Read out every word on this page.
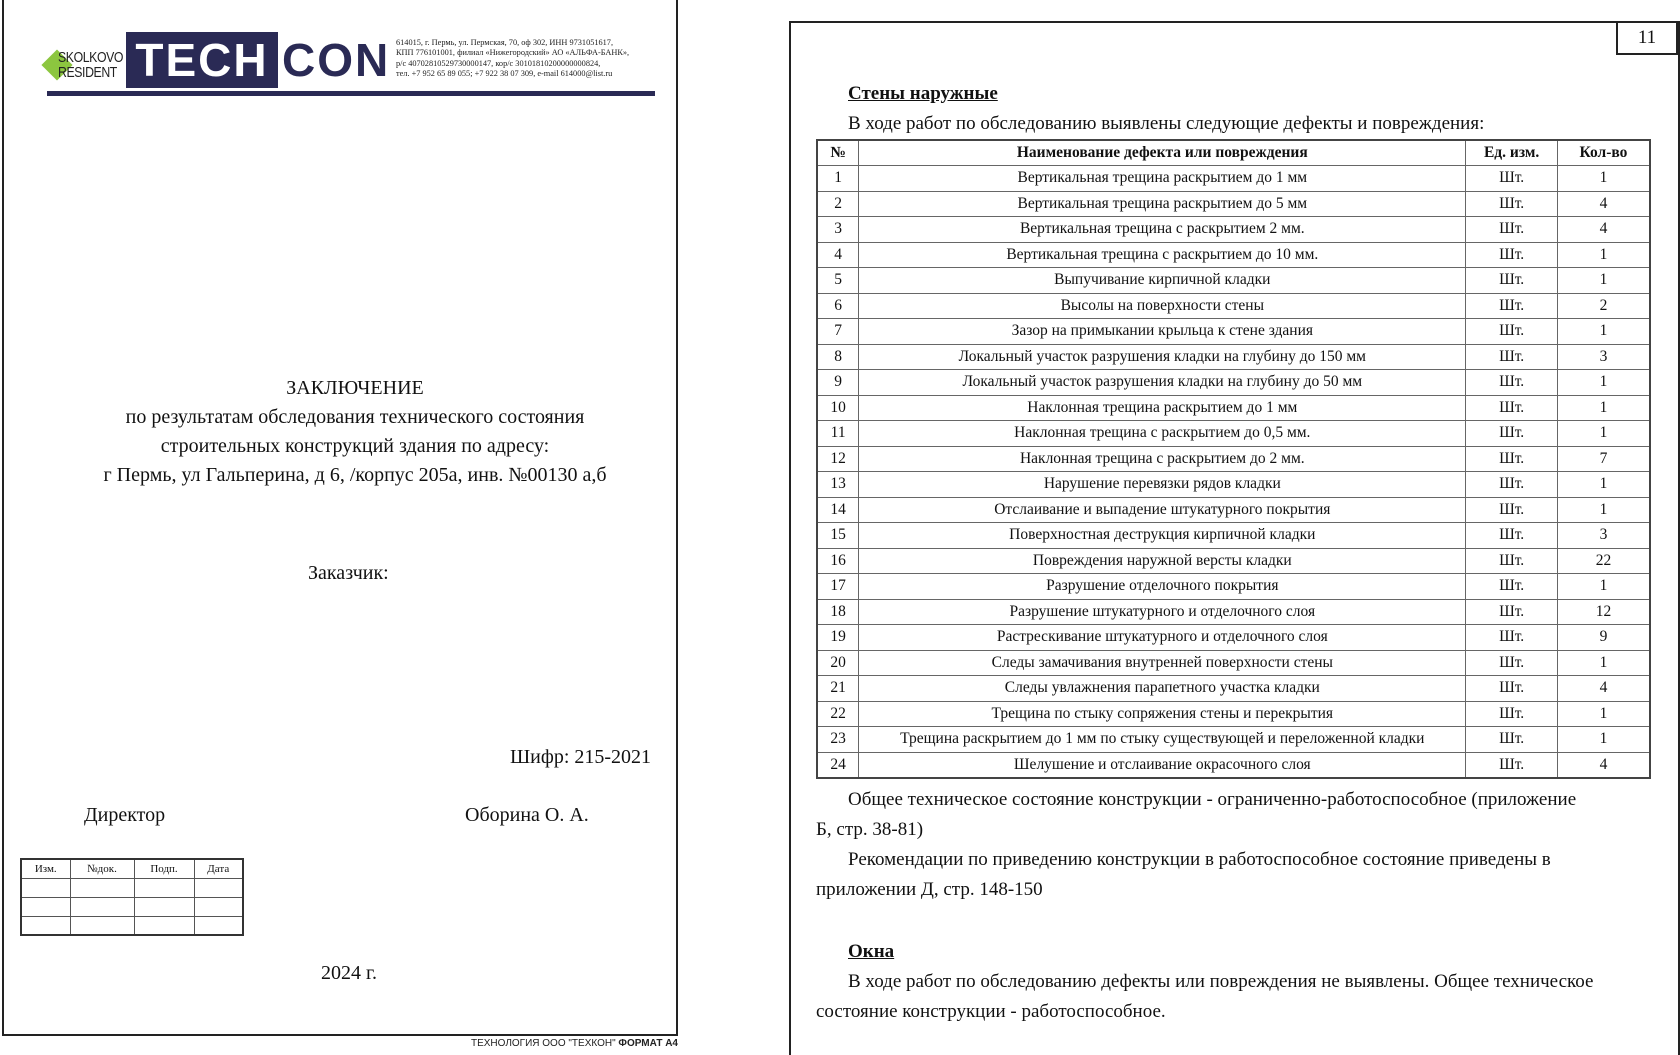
SKOLKOVO
RESIDENT TECH CON 614015, г. Пермь, ул. Пермская, 70, оф 302, ИНН 9731051617,
КПП 776101001, филиал «Нижегородский» АО «АЛЬФА-БАНК»,
р/с 40702810529730000147, кор/с 30101810200000000824,
тел. +7 952 65 89 055; +7 922 38 07 309, e-mail 614000@list.ru
ЗАКЛЮЧЕНИЕ
по результатам обследования технического состояния
строительных конструкций здания по адресу:
г Пермь, ул Гальперина, д 6, /корпус 205а, инв. №00130 а,б
Заказчик:
Шифр: 215-2021
Директор	Оборина О. А.
Изм.	№док.	Подп.	Дата

2024 г.
ТЕХНОЛОГИЯ ООО "ТЕХКОН" ФОРМАТ А4
11
Стены наружные
В ходе работ по обследованию выявлены следующие дефекты и повреждения:
№	Наименование дефекта или повреждения	Ед. изм.	Кол-во
1	Вертикальная трещина раскрытием до 1 мм	Шт.	1
2	Вертикальная трещина раскрытием до 5 мм	Шт.	4
3	Вертикальная трещина с раскрытием 2 мм.	Шт.	4
4	Вертикальная трещина с раскрытием до 10 мм.	Шт.	1
5	Выпучивание кирпичной кладки	Шт.	1
6	Высолы на поверхности стены	Шт.	2
7	Зазор на примыкании крыльца к стене здания	Шт.	1
8	Локальный участок разрушения кладки на глубину до 150 мм	Шт.	3
9	Локальный участок разрушения кладки на глубину до 50 мм	Шт.	1
10	Наклонная трещина раскрытием до 1 мм	Шт.	1
11	Наклонная трещина с раскрытием до 0,5 мм.	Шт.	1
12	Наклонная трещина с раскрытием до 2 мм.	Шт.	7
13	Нарушение перевязки рядов кладки	Шт.	1
14	Отслаивание и выпадение штукатурного покрытия	Шт.	1
15	Поверхностная деструкция кирпичной кладки	Шт.	3
16	Повреждения наружной версты кладки	Шт.	22
17	Разрушение отделочного покрытия	Шт.	1
18	Разрушение штукатурного и отделочного слоя	Шт.	12
19	Растрескивание штукатурного и отделочного слоя	Шт.	9
20	Следы замачивания внутренней поверхности стены	Шт.	1
21	Следы увлажнения парапетного участка кладки	Шт.	4
22	Трещина по стыку сопряжения стены и перекрытия	Шт.	1
23	Трещина раскрытием до 1 мм по стыку существующей и переложенной кладки	Шт.	1
24	Шелушение и отслаивание окрасочного слоя	Шт.	4
Общее техническое состояние конструкции - ограниченно-работоспособное (приложение
Б, стр. 38-81)
Рекомендации по приведению конструкции в работоспособное состояние приведены в
приложении Д, стр. 148-150
Окна
В ходе работ по обследованию дефекты или повреждения не выявлены. Общее техническое
состояние конструкции - работоспособное.
